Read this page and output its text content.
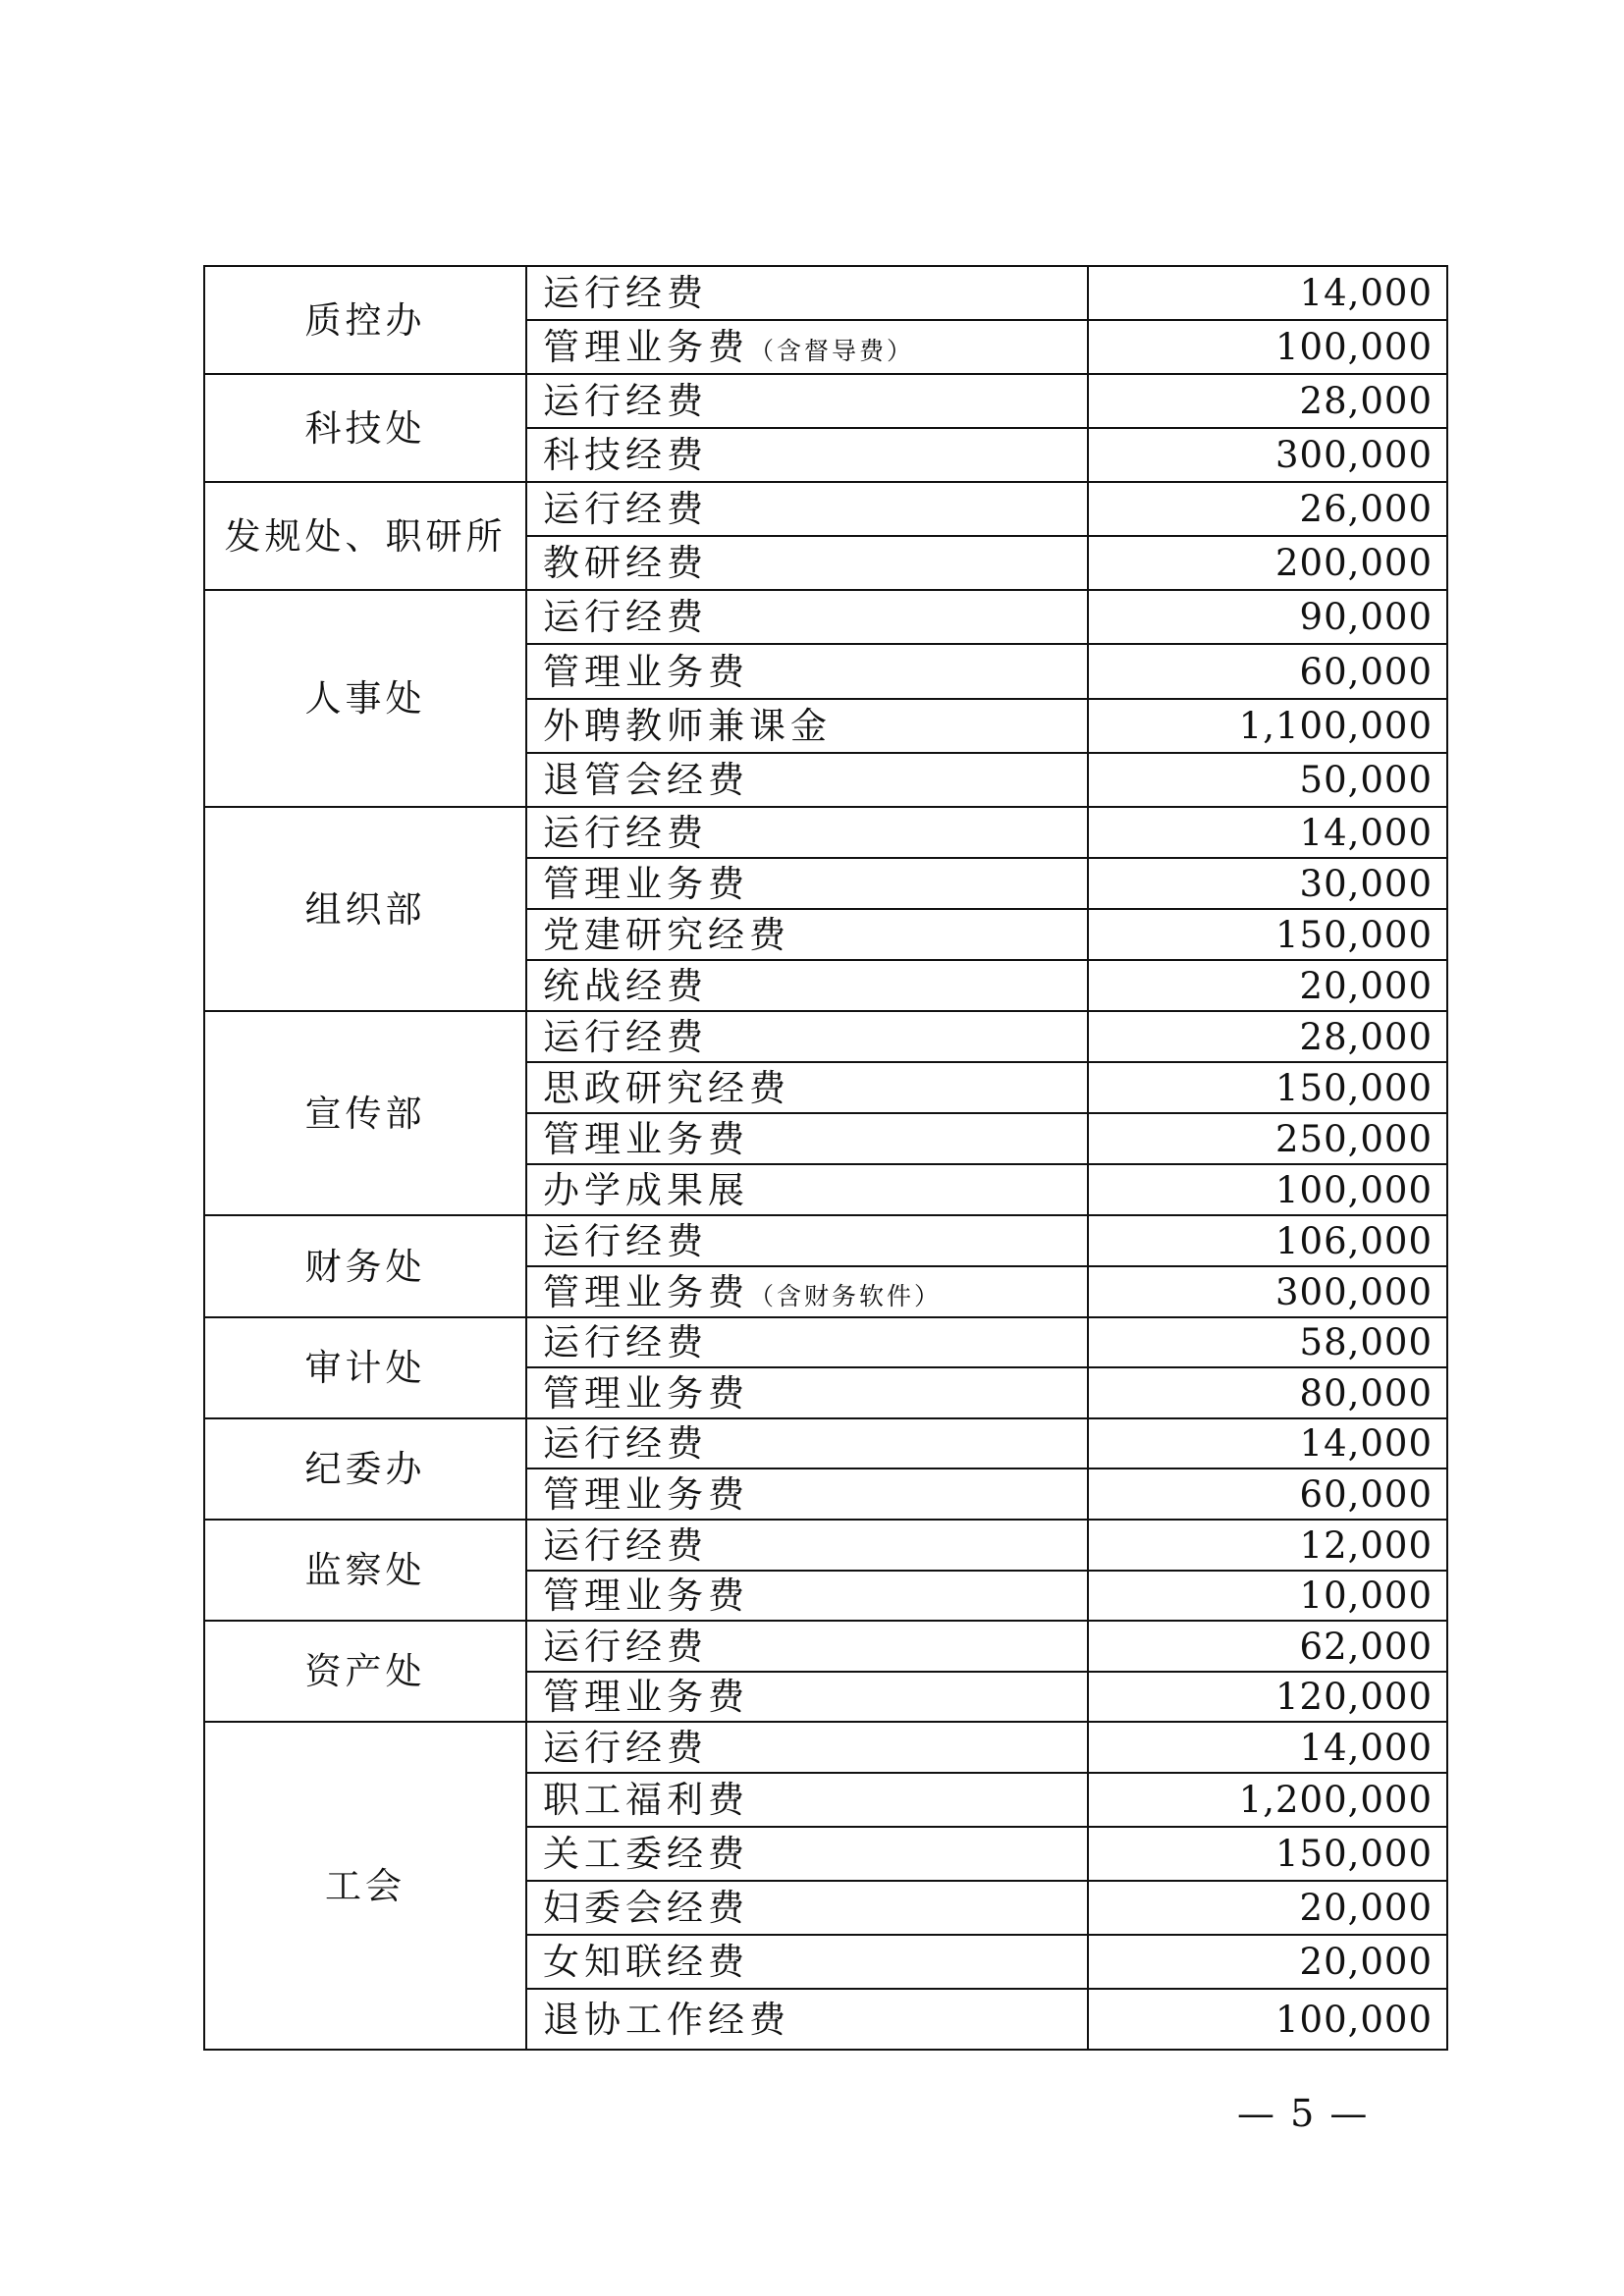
质控办	运行经费	14,000
	管理业务费（含督导费）	100,000
科技处	运行经费	28,000
	科技经费	300,000
发规处、职研所	运行经费	26,000
	教研经费	200,000
人事处	运行经费	90,000
	管理业务费	60,000
	外聘教师兼课金	1,100,000
	退管会经费	50,000
组织部	运行经费	14,000
	管理业务费	30,000
	党建研究经费	150,000
	统战经费	20,000
宣传部	运行经费	28,000
	思政研究经费	150,000
	管理业务费	250,000
	办学成果展	100,000
财务处	运行经费	106,000
	管理业务费（含财务软件）	300,000
审计处	运行经费	58,000
	管理业务费	80,000
纪委办	运行经费	14,000
	管理业务费	60,000
监察处	运行经费	12,000
	管理业务费	10,000
资产处	运行经费	62,000
	管理业务费	120,000
工会	运行经费	14,000
	职工福利费	1,200,000
	关工委经费	150,000
	妇委会经费	20,000
	女知联经费	20,000
	退协工作经费	100,000
— 5 —
